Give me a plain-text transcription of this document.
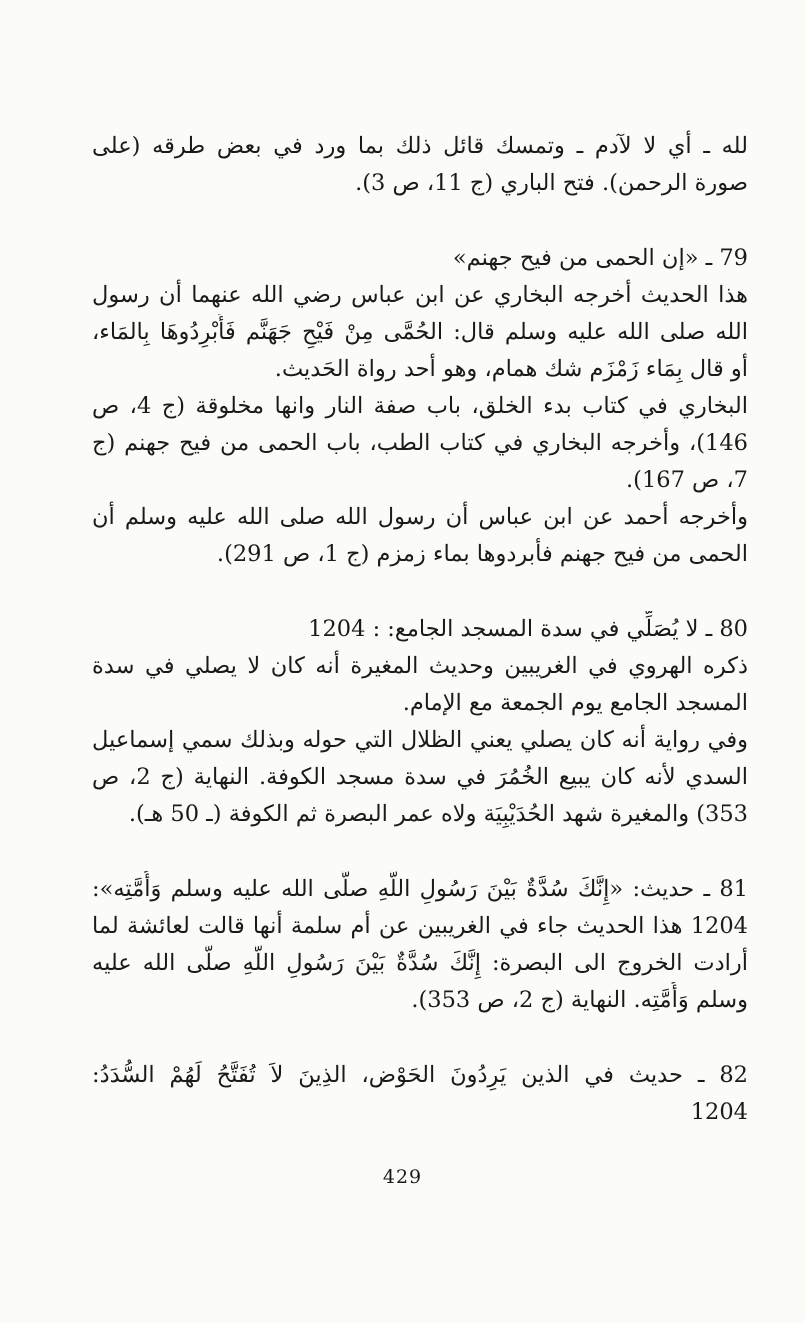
لله ـ أي لا لآدم ـ وتمسك قائل ذلك بما ورد في بعض طرقه (على
صورة الرحمن). فتح الباري (ج 11، ص 3).
79 ـ «إن الحمى من فيح جهنم»
هذا الحديث أخرجه البخاري عن ابن عباس رضي الله عنهما أن رسول
الله صلى الله عليه وسلم قال: الحُمَّى مِنْ فَيْحِ جَهَنَّم فَأَبْرِدُوهَا بِالمَاء،
أو قال بِمَاء زَمْزَم شك همام، وهو أحد رواة الحَديث.
البخاري في كتاب بدء الخلق، باب صفة النار وانها مخلوقة (ج 4، ص
146)، وأخرجه البخاري في كتاب الطب، باب الحمى من فيح جهنم (ج
7، ص 167).
وأخرجه أحمد عن ابن عباس أن رسول الله صلى الله عليه وسلم أن
الحمى من فيح جهنم فأبردوها بماء زمزم (ج 1، ص 291).
80 ـ لا يُصَلِّي في سدة المسجد الجامع: : 1204
ذكره الهروي في الغريبين وحديث المغيرة أنه كان لا يصلي في سدة
المسجد الجامع يوم الجمعة مع الإمام.
وفي رواية أنه كان يصلي يعني الظلال التي حوله وبذلك سمي إسماعيل
السدي لأنه كان يبيع الخُمُرَ في سدة مسجد الكوفة. النهاية (ج 2، ص
353) والمغيرة شهد الحُدَيْبِيَة ولاه عمر البصرة ثم الكوفة (ـ 50 هـ).
81 ـ حديث: «إِنَّكَ سُدَّةٌ بَيْنَ رَسُولِ اللَّهِ صلَّى الله عليه وسلم وَأُمَّتِه»:
1204 هذا الحديث جاء في الغريبين عن أم سلمة أنها قالت لعائشة لما
أرادت الخروج الى البصرة: إِنَّكَ سُدَّةٌ بَيْنَ رَسُولِ اللَّهِ صلَّى الله عليه
وسلم وَأُمَّتِه. النهاية (ج 2، ص 353).
82 ـ حديث في الذين يَرِدُونَ الحَوْض، الذِينَ لاَ تُفَتَّحُ لَهُمْ السُّدَدُ:
1204
429
